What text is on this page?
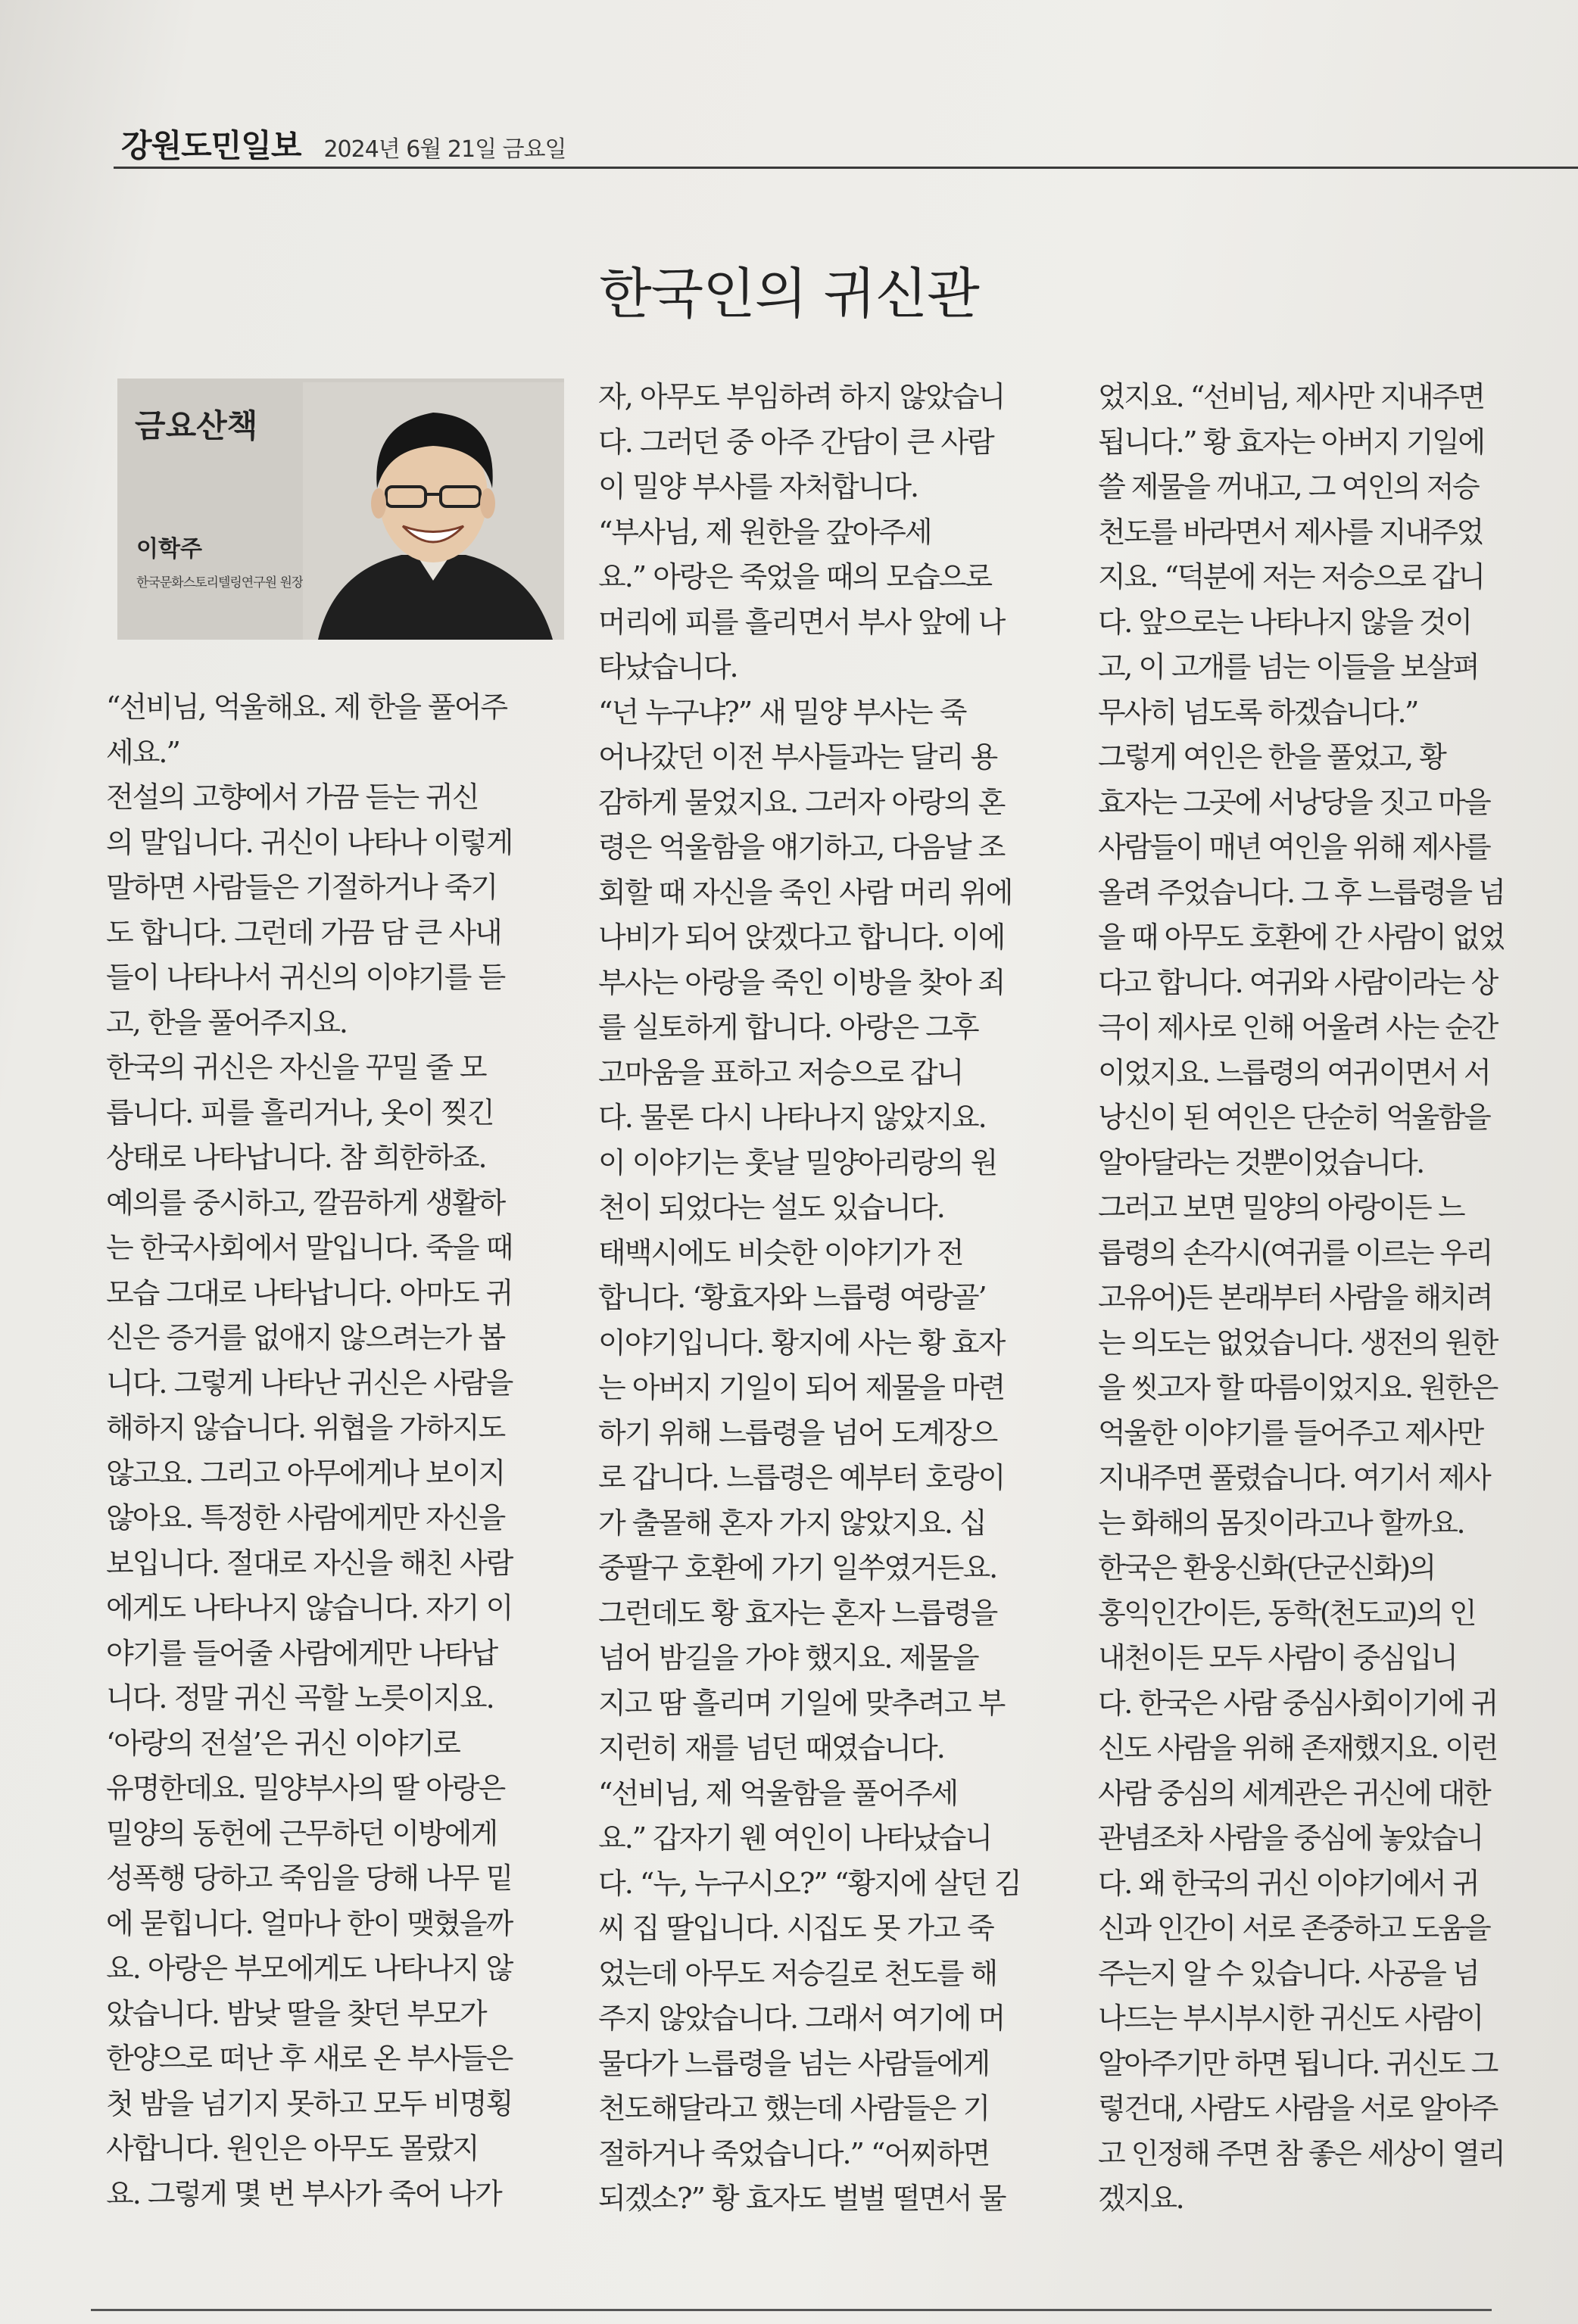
강원도민일보 2024년 6월 21일 금요일
한국인의 귀신관
금요산책
이학주
한국문화스토리텔링연구원 원장
“선비님, 억울해요. 제 한을 풀어주
세요.”
전설의 고향에서 가끔 듣는 귀신
의 말입니다. 귀신이 나타나 이렇게
말하면 사람들은 기절하거나 죽기
도 합니다. 그런데 가끔 담 큰 사내
들이 나타나서 귀신의 이야기를 듣
고, 한을 풀어주지요.
한국의 귀신은 자신을 꾸밀 줄 모
릅니다. 피를 흘리거나, 옷이 찢긴
상태로 나타납니다. 참 희한하죠.
예의를 중시하고, 깔끔하게 생활하
는 한국사회에서 말입니다. 죽을 때
모습 그대로 나타납니다. 아마도 귀
신은 증거를 없애지 않으려는가 봅
니다. 그렇게 나타난 귀신은 사람을
해하지 않습니다. 위협을 가하지도
않고요. 그리고 아무에게나 보이지
않아요. 특정한 사람에게만 자신을
보입니다. 절대로 자신을 해친 사람
에게도 나타나지 않습니다. 자기 이
야기를 들어줄 사람에게만 나타납
니다. 정말 귀신 곡할 노릇이지요.
‘아랑의 전설’은 귀신 이야기로
유명한데요. 밀양부사의 딸 아랑은
밀양의 동헌에 근무하던 이방에게
성폭행 당하고 죽임을 당해 나무 밑
에 묻힙니다. 얼마나 한이 맺혔을까
요. 아랑은 부모에게도 나타나지 않
았습니다. 밤낮 딸을 찾던 부모가
한양으로 떠난 후 새로 온 부사들은
첫 밤을 넘기지 못하고 모두 비명횡
사합니다. 원인은 아무도 몰랐지
요. 그렇게 몇 번 부사가 죽어 나가
자, 아무도 부임하려 하지 않았습니
다. 그러던 중 아주 간담이 큰 사람
이 밀양 부사를 자처합니다.
“부사님, 제 원한을 갚아주세
요.” 아랑은 죽었을 때의 모습으로
머리에 피를 흘리면서 부사 앞에 나
타났습니다.
“넌 누구냐?” 새 밀양 부사는 죽
어나갔던 이전 부사들과는 달리 용
감하게 물었지요. 그러자 아랑의 혼
령은 억울함을 얘기하고, 다음날 조
회할 때 자신을 죽인 사람 머리 위에
나비가 되어 앉겠다고 합니다. 이에
부사는 아랑을 죽인 이방을 찾아 죄
를 실토하게 합니다. 아랑은 그후
고마움을 표하고 저승으로 갑니
다. 물론 다시 나타나지 않았지요.
이 이야기는 훗날 밀양아리랑의 원
천이 되었다는 설도 있습니다.
태백시에도 비슷한 이야기가 전
합니다. ‘황효자와 느릅령 여랑골’
이야기입니다. 황지에 사는 황 효자
는 아버지 기일이 되어 제물을 마련
하기 위해 느릅령을 넘어 도계장으
로 갑니다. 느릅령은 예부터 호랑이
가 출몰해 혼자 가지 않았지요. 십
중팔구 호환에 가기 일쑤였거든요.
그런데도 황 효자는 혼자 느릅령을
넘어 밤길을 가야 했지요. 제물을
지고 땀 흘리며 기일에 맞추려고 부
지런히 재를 넘던 때였습니다.
“선비님, 제 억울함을 풀어주세
요.” 갑자기 웬 여인이 나타났습니
다. “누, 누구시오?” “황지에 살던 김
씨 집 딸입니다. 시집도 못 가고 죽
었는데 아무도 저승길로 천도를 해
주지 않았습니다. 그래서 여기에 머
물다가 느릅령을 넘는 사람들에게
천도해달라고 했는데 사람들은 기
절하거나 죽었습니다.” “어찌하면
되겠소?” 황 효자도 벌벌 떨면서 물
었지요. “선비님, 제사만 지내주면
됩니다.” 황 효자는 아버지 기일에
쓸 제물을 꺼내고, 그 여인의 저승
천도를 바라면서 제사를 지내주었
지요. “덕분에 저는 저승으로 갑니
다. 앞으로는 나타나지 않을 것이
고, 이 고개를 넘는 이들을 보살펴
무사히 넘도록 하겠습니다.”
그렇게 여인은 한을 풀었고, 황
효자는 그곳에 서낭당을 짓고 마을
사람들이 매년 여인을 위해 제사를
올려 주었습니다. 그 후 느릅령을 넘
을 때 아무도 호환에 간 사람이 없었
다고 합니다. 여귀와 사람이라는 상
극이 제사로 인해 어울려 사는 순간
이었지요. 느릅령의 여귀이면서 서
낭신이 된 여인은 단순히 억울함을
알아달라는 것뿐이었습니다.
그러고 보면 밀양의 아랑이든 느
릅령의 손각시(여귀를 이르는 우리
고유어)든 본래부터 사람을 해치려
는 의도는 없었습니다. 생전의 원한
을 씻고자 할 따름이었지요. 원한은
억울한 이야기를 들어주고 제사만
지내주면 풀렸습니다. 여기서 제사
는 화해의 몸짓이라고나 할까요.
한국은 환웅신화(단군신화)의
홍익인간이든, 동학(천도교)의 인
내천이든 모두 사람이 중심입니
다. 한국은 사람 중심사회이기에 귀
신도 사람을 위해 존재했지요. 이런
사람 중심의 세계관은 귀신에 대한
관념조차 사람을 중심에 놓았습니
다. 왜 한국의 귀신 이야기에서 귀
신과 인간이 서로 존중하고 도움을
주는지 알 수 있습니다. 사공을 넘
나드는 부시부시한 귀신도 사람이
알아주기만 하면 됩니다. 귀신도 그
렇건대, 사람도 사람을 서로 알아주
고 인정해 주면 참 좋은 세상이 열리
겠지요.
